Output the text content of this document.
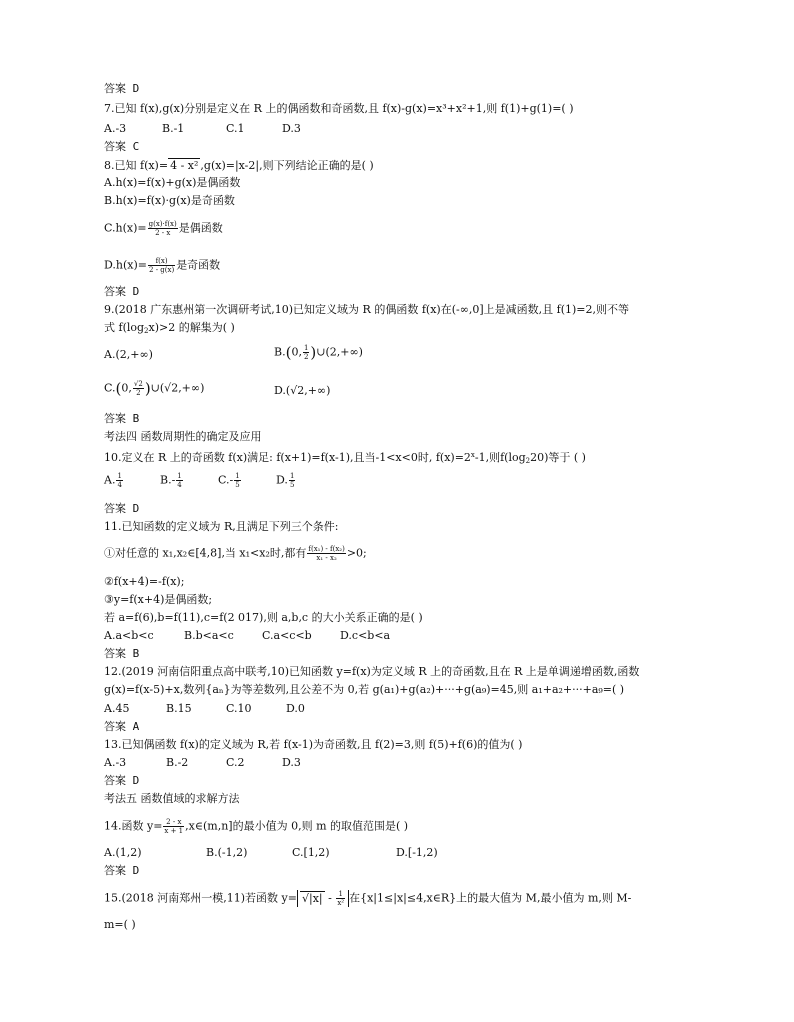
答案 D
7.已知 f(x),g(x)分别是定义在 R 上的偶函数和奇函数,且 f(x)-g(x)=x³+x²+1,则 f(1)+g(1)=( )
A.-3	B.-1	C.1	D.3
答案 C
8.已知 f(x)= 4 - x² ,g(x)=|x-2|,则下列结论正确的是( )
A.h(x)=f(x)+g(x)是偶函数
B.h(x)=f(x)·g(x)是奇函数
$C.h(x)= \frac{g(x)\cdot f(x)}{2 - x}$ 是偶函数
$D.h(x)= \frac{f(x)}{2 - g(x)}$ 是奇函数
答案 D
9.(2018 广东惠州第一次调研考试,10)已知定义域为 R 的偶函数 f(x)在(-∞,0]上是减函数,且 f(1)=2,则不等
式 $f(\log_2x)>2$ 的解集为( )
A.(2,+∞)	B.(0, $\frac{1}{2}$ )∪(2,+∞)
C.(0, $\frac{√2}{2}$ )∪(√2,+∞)	D.(√2,+∞)
答案 B
考法四 函数周期性的确定及应用
10.定义在 R 上的奇函数 f(x)满足: f(x+1)=f(x-1),且当-1<x<0时, $f(x)=2^x-1$,则$f(\log_220)$等于 ( )
A. $\frac{1}{4}$	$B.- \frac{1}{4}$	$C.- \frac{1}{5}$	D. $\frac{1}{5}$
答案 D
11.已知函数的定义域为 R,且满足下列三个条件:
①对任意的 x₁,x₂∈[4,8],当 x₁<x₂时,都有 $\frac{\text{f(x₁) - f(x₂)}}{\text{x₁ - x₂}} >0$;
②f(x+4)=-f(x);
③y=f(x+4)是偶函数;
若 a=f(6),b=f(11),c=f(2 017),则 a,b,c 的大小关系正确的是( )
A.a<b<c	B.b<a<c	C.a<c<b	D.c<b<a
答案 B
12.(2019 河南信阳重点高中联考,10)已知函数 y=f(x)为定义域 R 上的奇函数,且在 R 上是单调递增函数,函数
g(x)=f(x-5)+x,数列{aₙ}为等差数列,且公差不为 0,若 g(a₁)+g(a₂)+···+g(a₉)=45,则 a₁+a₂+···+a₉=( )
A.45	B.15	C.10	D.0
答案 A
13.已知偶函数 f(x)的定义域为 R,若 f(x-1)为奇函数,且 f(2)=3,则 f(5)+f(6)的值为( )
A.-3	B.-2	C.2	D.3
答案 D
考法五 函数值域的求解方法
14.函数 $y= \frac{2 - x}{x + 1}$ ,x∈(m,n]的最小值为 0,则 m 的取值范围是( )
A.(1,2)	B.(-1,2)	C.[1,2)	D.[-1,2)
答案 D
15.(2018 河南郑州一模,11)若函数 $y= √|x| - \frac{1}{\text{x²}}$ 在{x|1≤|x|≤4,x∈R}上的最大值为 M,最小值为 m,则 M-
m=( )
